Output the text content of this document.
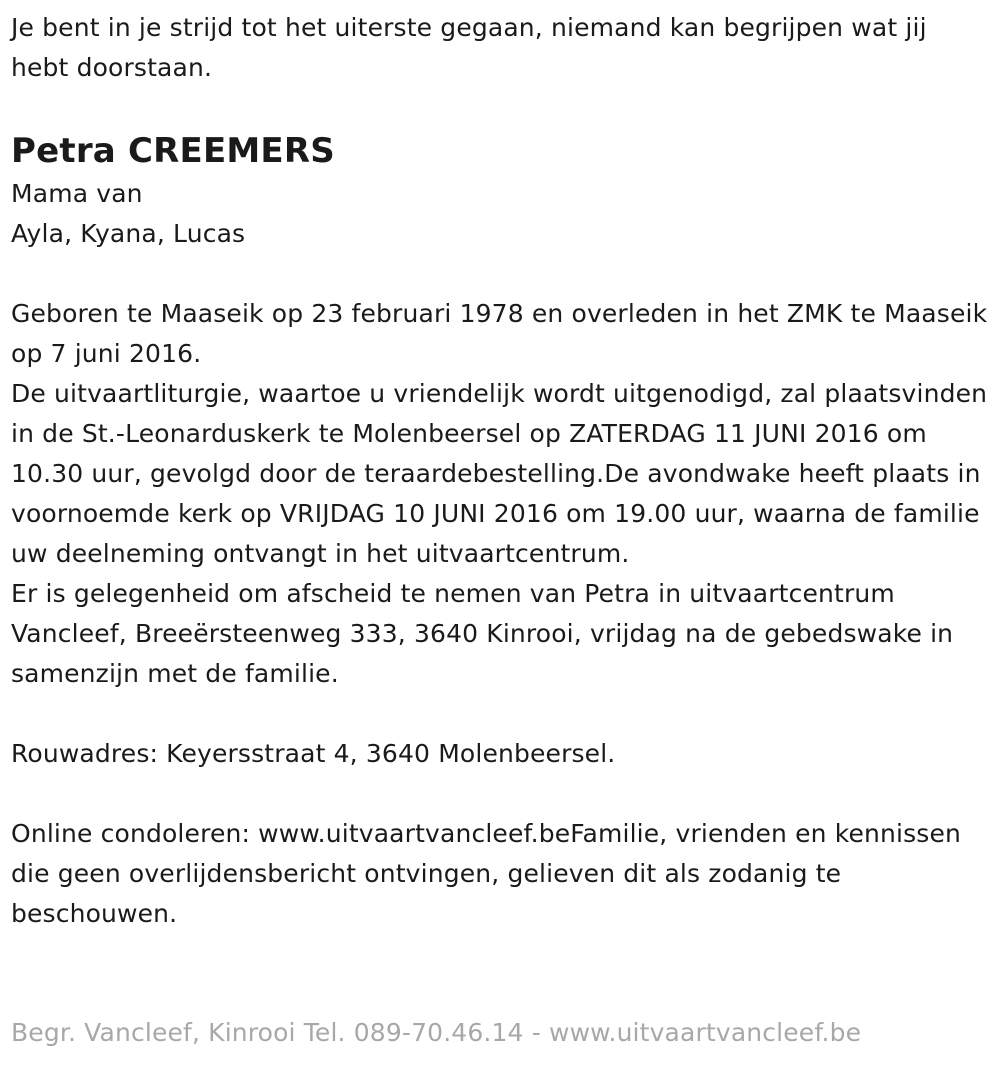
Je bent in je strijd tot het uiterste gegaan, niemand kan begrijpen wat jij hebt doorstaan.

Petra CREEMERS

Mama van

Ayla, Kyana, Lucas

Geboren te Maaseik op 23 februari 1978 en overleden in het ZMK te Maaseik op 7 juni 2016.

De uitvaartliturgie, waartoe u vriendelijk wordt uitgenodigd, zal plaatsvinden in de St.-Leonarduskerk te Molenbeersel op ZATERDAG 11 JUNI 2016 om 10.30 uur, gevolgd door de teraardebestelling.De avondwake heeft plaats in voornoemde kerk op VRIJDAG 10 JUNI 2016 om 19.00 uur, waarna de familie uw deelneming ontvangt in het uitvaartcentrum.

Er is gelegenheid om afscheid te nemen van Petra in uitvaartcentrum Vancleef, Breeërsteenweg 333, 3640 Kinrooi, vrijdag na de gebedswake in samenzijn met de familie.

Rouwadres: Keyersstraat 4, 3640 Molenbeersel.

Online condoleren: www.uitvaartvancleef.beFamilie, vrienden en kennissen die geen overlijdensbericht ontvingen, gelieven dit als zodanig te beschouwen.

Begr. Vancleef, Kinrooi Tel. 089-70.46.14 - www.uitvaartvancleef.be
